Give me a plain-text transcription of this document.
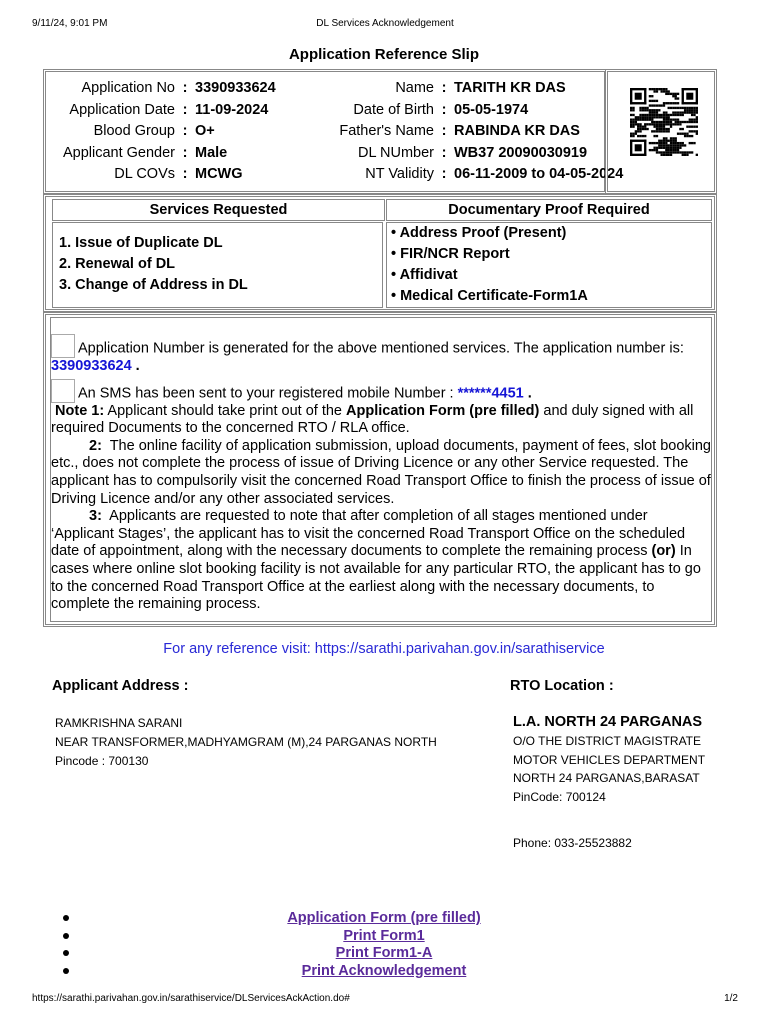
9/11/24, 9:01 PM	DL Services Acknowledgement
Application Reference Slip
Application No : 3390933624	Name : TARITH KR DAS
Application Date : 11-09-2024	Date of Birth : 05-05-1974
Blood Group : O+	Father's Name : RABINDA KR DAS
Applicant Gender : Male	DL NUmber : WB37 20090030919
DL COVs : MCWG	NT Validity : 06-11-2009 to 04-05-2024
Services Requested	Documentary Proof Required
1. Issue of Duplicate DL
2. Renewal of DL
3. Change of Address in DL
• Address Proof (Present)
• FIR/NCR Report
• Affidivat
• Medical Certificate-Form1A
Application Number is generated for the above mentioned services. The application number is:
3390933624 .
An SMS has been sent to your registered mobile Number : ******4451 .
Note 1: Applicant should take print out of the Application Form (pre filled) and duly signed with all required Documents to the concerned RTO / RLA office.
2: The online facility of application submission, upload documents, payment of fees, slot booking etc., does not complete the process of issue of Driving Licence or any other Service requested. The applicant has to compulsorily visit the concerned Road Transport Office to finish the process of issue of Driving Licence and/or any other associated services.
3: Applicants are requested to note that after completion of all stages mentioned under ‘Applicant Stages’, the applicant has to visit the concerned Road Transport Office on the scheduled date of appointment, along with the necessary documents to complete the remaining process (or) In cases where online slot booking facility is not available for any particular RTO, the applicant has to go to the concerned Road Transport Office at the earliest along with the necessary documents, to complete the remaining process.
For any reference visit: https://sarathi.parivahan.gov.in/sarathiservice
Applicant Address :	RTO Location :
RAMKRISHNA SARANI
NEAR TRANSFORMER,MADHYAMGRAM (M),24 PARGANAS NORTH
Pincode : 700130
L.A. NORTH 24 PARGANAS
O/O THE DISTRICT MAGISTRATE
MOTOR VEHICLES DEPARTMENT
NORTH 24 PARGANAS,BARASAT
PinCode: 700124
Phone: 033-25523882
Application Form (pre filled)
Print Form1
Print Form1-A
Print Acknowledgement
https://sarathi.parivahan.gov.in/sarathiservice/DLServicesAckAction.do#	1/2
